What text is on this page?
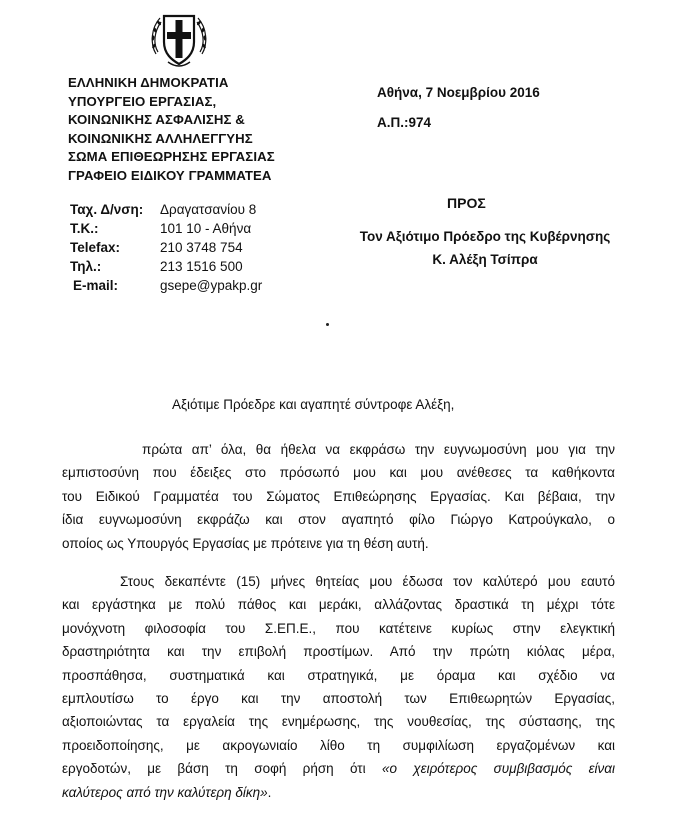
ΕΛΛΗΝΙΚΗ ΔΗΜΟΚΡΑΤΙΑ
ΥΠΟΥΡΓΕΙΟ ΕΡΓΑΣΙΑΣ,
ΚΟΙΝΩΝΙΚΗΣ ΑΣΦΑΛΙΣΗΣ &
ΚΟΙΝΩΝΙΚΗΣ ΑΛΛΗΛΕΓΓΥΗΣ
ΣΩΜΑ ΕΠΙΘΕΩΡΗΣΗΣ ΕΡΓΑΣΙΑΣ
ΓΡΑΦΕΙΟ ΕΙΔΙΚΟΥ ΓΡΑΜΜΑΤΕΑ
Αθήνα, 7 Νοεμβρίου 2016
Α.Π.:974
Ταχ. Δ/νση:	Δραγατσανίου 8
Τ.Κ.:	101 10 - Αθήνα
Telefax:	210 3748 754
Τηλ.:	213 1516 500
E-mail:	gsepe@ypakp.gr
ΠΡΟΣ
Τον Αξιότιμο Πρόεδρο της Κυβέρνησης
Κ. Αλέξη Τσίπρα
Αξιότιμε Πρόεδρε και αγαπητέ σύντροφε Αλέξη,
πρώτα απ’ όλα, θα ήθελα να εκφράσω την ευγνωμοσύνη μου για την
εμπιστοσύνη που έδειξες στο πρόσωπό μου και μου ανέθεσες τα καθήκοντα
του Ειδικού Γραμματέα του Σώματος Επιθεώρησης Εργασίας. Και βέβαια, την
ίδια ευγνωμοσύνη εκφράζω και στον αγαπητό φίλο Γιώργο Κατρούγκαλο, ο
οποίος ως Υπουργός Εργασίας με πρότεινε για τη θέση αυτή.
Στους δεκαπέντε (15) μήνες θητείας μου έδωσα τον καλύτερό μου εαυτό
και εργάστηκα με πολύ πάθος και μεράκι, αλλάζοντας δραστικά τη μέχρι τότε
μονόχνοτη φιλοσοφία του Σ.ΕΠ.Ε., που κατέτεινε κυρίως στην ελεγκτική
δραστηριότητα και την επιβολή προστίμων. Από την πρώτη κιόλας μέρα,
προσπάθησα, συστηματικά και στρατηγικά, με όραμα και σχέδιο να
εμπλουτίσω το έργο και την αποστολή των Επιθεωρητών Εργασίας,
αξιοποιώντας τα εργαλεία της ενημέρωσης, της νουθεσίας, της σύστασης, της
προειδοποίησης, με ακρογωνιαίο λίθο τη συμφιλίωση εργαζομένων και
εργοδοτών, με βάση τη σοφή ρήση ότι «ο χειρότερος συμβιβασμός είναι
καλύτερος από την καλύτερη δίκη».
